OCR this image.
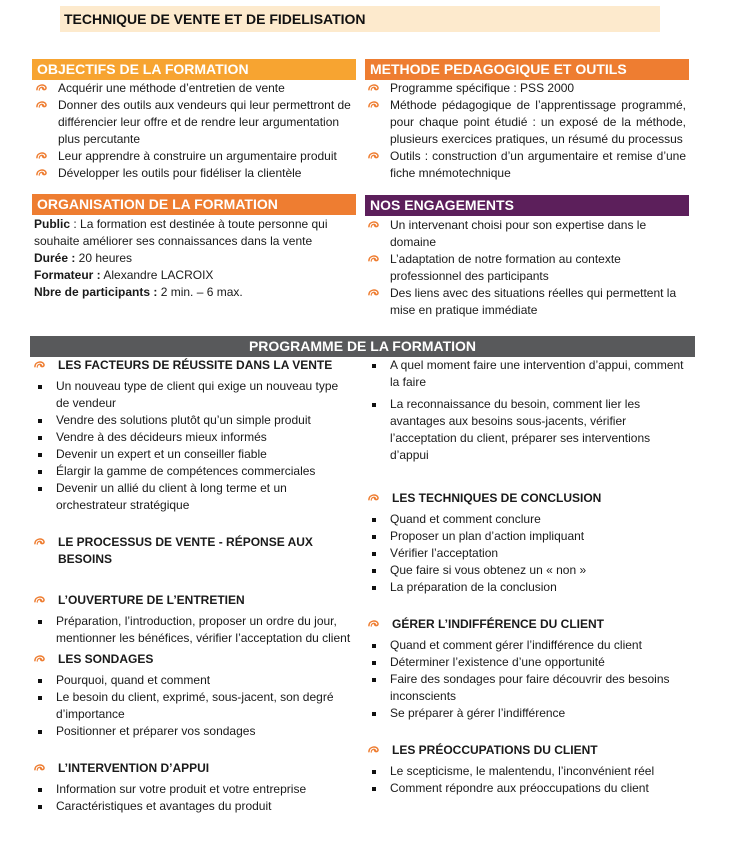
TECHNIQUE DE VENTE ET DE FIDELISATION
OBJECTIFS DE LA FORMATION
Acquérir une méthode d’entretien de vente
Donner des outils aux vendeurs qui leur permettront de différencier leur offre et de rendre leur argumentation plus percutante
Leur apprendre à construire un argumentaire produit
Développer les outils pour fidéliser la clientèle
METHODE PEDAGOGIQUE ET OUTILS
Programme spécifique : PSS 2000
Méthode pédagogique de l’apprentissage programmé, pour chaque point étudié : un exposé de la méthode, plusieurs exercices pratiques, un résumé du processus
Outils : construction d’un argumentaire et remise d’une fiche mnémotechnique
ORGANISATION DE LA FORMATION
Public : La formation est destinée à toute personne qui souhaite améliorer ses connaissances dans la vente
Durée : 20 heures
Formateur : Alexandre LACROIX
Nbre de participants : 2 min. – 6 max.
NOS ENGAGEMENTS
Un intervenant choisi pour son expertise dans le domaine
L’adaptation de notre formation au contexte professionnel des participants
Des liens avec des situations réelles qui permettent la mise en pratique immédiate
PROGRAMME DE LA FORMATION
LES FACTEURS DE RÉUSSITE DANS LA VENTE
Un nouveau type de client qui exige un nouveau type de vendeur
Vendre des solutions plutôt qu’un simple produit
Vendre à des décideurs mieux informés
Devenir un expert et un conseiller fiable
Élargir la gamme de compétences commerciales
Devenir un allié du client à long terme et un orchestrateur stratégique
LE PROCESSUS DE VENTE - RÉPONSE AUX BESOINS
L’OUVERTURE DE L’ENTRETIEN
Préparation, l’introduction, proposer un ordre du jour, mentionner les bénéfices, vérifier l’acceptation du client
LES SONDAGES
Pourquoi, quand et comment
Le besoin du client, exprimé, sous-jacent, son degré d’importance
Positionner et préparer vos sondages
L’INTERVENTION D’APPUI
Information sur votre produit et votre entreprise
Caractéristiques et avantages du produit
A quel moment faire une intervention d’appui, comment la faire
La reconnaissance du besoin, comment lier les avantages aux besoins sous-jacents, vérifier l’acceptation du client, préparer ses interventions d’appui
LES TECHNIQUES DE CONCLUSION
Quand et comment conclure
Proposer un plan d’action impliquant
Vérifier l’acceptation
Que faire si vous obtenez un « non »
La préparation de la conclusion
GÉRER L’INDIFFÉRENCE DU CLIENT
Quand et comment gérer l’indifférence du client
Déterminer l’existence d’une opportunité
Faire des sondages pour faire découvrir des besoins inconscients
Se préparer à gérer l’indifférence
LES PRÉOCCUPATIONS DU CLIENT
Le scepticisme, le malentendu, l’inconvénient réel
Comment répondre aux préoccupations du client
